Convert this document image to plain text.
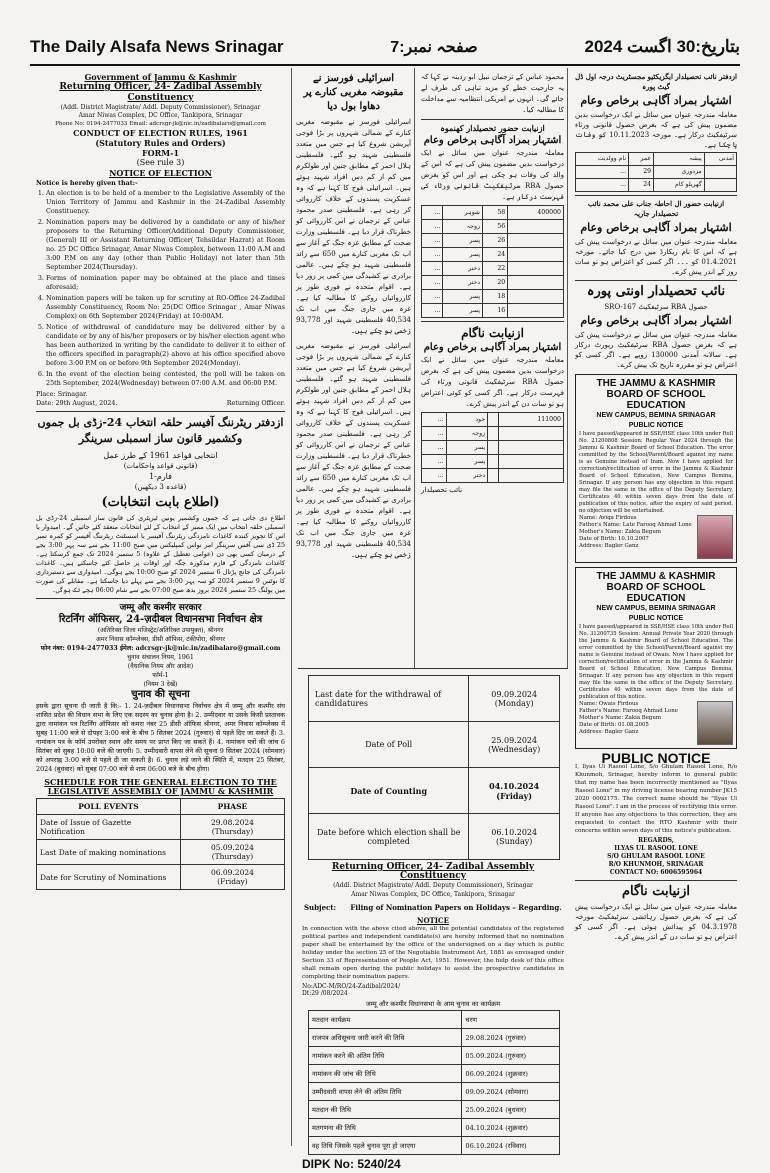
The Daily Alsafa News Srinagar	صفحہ نمبر:7	بتاریخ:30 اگست 2024
Government of Jammu & Kashmir
Returning Officer, 24- Zadibal Assembly Constituency
(Addl. District Magistrate/ Addl. Deputy Commissioner), Srinagar
Amar Niwas Complex, DC Office, Tankipora, Srinagar
Phone No: 0194-2477033 Email: adcrsgr-jk@nic.in/zadibalaro@gmail.com
CONDUCT OF ELECTION RULES, 1961
(Statutory Rules and Orders)
FORM-1
(See rule 3)
NOTICE OF ELECTION

Notice is hereby given that:-

1. An election is to be held of a member to the Legislative Assembly of the Union Territory of Jammu and Kashmir in the 24-Zadibal Assembly Constituency.
2. Nomination papers may be delivered by a candidate or any of his/her proposers to the Returning Officer(Additional Deputy Commissioner, (General) III or Assistant Returning Officer( Tehsildar Hazrat) at Room no. 25 DC Office Srinagar, Amar Niwas Complex, between 11:00 A.M and 3:00 P.M on any day (other than Public Holiday) not later than 5th September 2024(Thursday).
3. Forms of nomination paper may be obtained at the place and times aforesaid;
4. Nomination papers will be taken up for scrutiny at RO-Office 24-Zadibal Assembly Constituency, Room No: 25(DC Office Srinagar , Amar Niwas Complex) on 6th September 2024(Friday) at 10:00AM.
5. Notice of withdrawal of candidature may be delivered either by a candidate or by any of his/her proposers or by his/her election agent who has been authorized in writing by the candidate to deliver it to either of the officers specified in paragraph(2) above at his office specified above before 3:00 P.M on or before 9th September 2024(Monday).
6. In the event of the election being contested, the poll will be taken on 25th September, 2024(Wednesday) between 07:00 A.M. and 06:00 P.M.
Place: Srinagar.
Date: 29th August, 2024.	Returning Officer.
ازدفتر ریٹرننگ آفیسر حلقہ انتخاب 24-زڈی بل جموں وکشمیر قانون ساز اسمبلی سرینگر
انتخابی قواعد 1961 کے طرز عمل
(قانونی قواعد واحکامات)
فارم-1
(قاعدہ 3 دیکھیں)
(اطلاع بابت انتخابات)
اطلاع دی جاتی ہے کہ جموں وکشمیر یونین ٹیریٹری کی قانون ساز اسمبلی 24-زڈی بل اسمبلی حلقہ انتخاب میں ایک ممبر کے انتخاب کے لئے انتخابات منعقد کئے جائیں گے۔ امیدوار یا اس کا تجویز کنندہ کاغذات نامزدگی ریٹرننگ آفیسر یا اسسٹنٹ ریٹرننگ آفیسر کو کمرہ نمبر 25 ڈی سی آفس سرینگر امر نواس کمپلیکس میں صبح 11:00 بجے سے سہ پہر 3:00 بجے کے درمیان کسی بھی دن (عوامی تعطیل کے علاوہ) 5 ستمبر 2024 تک جمع کرسکتا ہے۔ کاغذات نامزدگی کے فارم مذکورہ جگہ اور اوقات پر حاصل کئے جاسکتے ہیں۔ کاغذات نامزدگی کی جانچ پڑتال 6 ستمبر 2024 کو صبح 10:00 بجے ہوگی۔ امیدواری سے دستبرداری کا نوٹس 9 ستمبر 2024 کو سہ پہر 3:00 بجے سے پہلے دیا جاسکتا ہے۔ مقابلے کی صورت میں پولنگ 25 ستمبر 2024 بروز بدھ صبح 07:00 بجے سے شام 06:00 بجے تک ہوگی۔
जम्मू और कश्मीर सरकार
रिटर्निंग ऑफिसर, 24-ज़दीबल विधानसभा निर्वाचन क्षेत्र
(अतिरिक्त जिला मजिस्ट्रेट/अतिरिक्त उपायुक्त), श्रीनगर
अमर निवास कॉम्प्लेक्स, डीसी ऑफिस, टंकीपोरा, श्रीनगर
फोन नंबर: 0194-2477033 ईमेल: adcrsgr-jk@nic.in/zadibalaro@gmail.com
चुनाव संचालन नियम, 1961
(वैधानिक नियम और आदेश)
फॉर्म-1
(नियम 3 देखें)
चुनाव की सूचना

इसके द्वारा सूचना दी जाती है कि:- 1. 24-ज़दीबल विधानसभा निर्वाचन क्षेत्र में जम्मू और कश्मीर संघ शासित प्रदेश की विधान सभा के लिए एक सदस्य का चुनाव होना है। 2. उम्मीदवार या उसके किसी प्रस्तावक द्वारा नामांकन पत्र रिटर्निंग ऑफिसर को कमरा नंबर 25 डीसी ऑफिस श्रीनगर, अमर निवास कॉम्प्लेक्स में सुबह 11:00 बजे से दोपहर 3:00 बजे के बीच 5 सितंबर 2024 (गुरुवार) से पहले दिए जा सकते हैं। 3. नामांकन पत्र के फॉर्म उपरोक्त स्थान और समय पर प्राप्त किए जा सकते हैं। 4. नामांकन पत्रों की जांच 6 सितंबर को सुबह 10:00 बजे की जाएगी। 5. उम्मीदवारी वापस लेने की सूचना 9 सितंबर 2024 (सोमवार) को अपराह्न 3:00 बजे से पहले दी जा सकती है। 6. चुनाव लड़े जाने की स्थिति में, मतदान 25 सितंबर, 2024 (बुधवार) को सुबह 07:00 बजे से शाम 06:00 बजे के बीच होगा।

SCHEDULE FOR THE GENERAL ELECTION TO THE LEGISLATIVE ASSEMBLY OF JAMMU & KASHMIR
POLL EVENTS	PHASE
Date of Issue of Gazette Notification	29.08.2024
(Thursday)

Last Date of making nominations	05.09.2024
(Thursday)

Date for Scrutiny of Nominations	06.09.2024
(Friday)
اسرائیلی فورسز نے مقبوضہ مغربی کنارے پر دھاوا بول دیا
اسرائیلی فورسز نے مقبوضہ مغربی کنارے کے شمالی شہروں پر بڑا فوجی آپریشن شروع کیا ہے جس میں متعدد فلسطینی شہید ہو گئے۔ فلسطینی ہلال احمر کے مطابق جنین اور طولکرم میں کم از کم دس افراد شہید ہوئے ہیں۔ اسرائیلی فوج کا کہنا ہے کہ وہ عسکریت پسندوں کے خلاف کارروائی کر رہی ہے۔ فلسطینی صدر محمود عباس کے ترجمان نے اس کارروائی کو خطرناک قرار دیا ہے۔ فلسطینی وزارت صحت کے مطابق غزہ جنگ کے آغاز سے اب تک مغربی کنارے میں 650 سے زائد فلسطینی شہید ہو چکے ہیں۔ عالمی برادری نے کشیدگی میں کمی پر زور دیا ہے۔ اقوام متحدہ نے فوری طور پر کارروائیاں روکنے کا مطالبہ کیا ہے۔ غزہ میں جاری جنگ میں اب تک 40,534 فلسطینی شہید اور 93,778 زخمی ہو چکے ہیں۔
اسرائیلی فورسز نے مقبوضہ مغربی کنارے کے شمالی شہروں پر بڑا فوجی آپریشن شروع کیا ہے جس میں متعدد فلسطینی شہید ہو گئے۔ فلسطینی ہلال احمر کے مطابق جنین اور طولکرم میں کم از کم دس افراد شہید ہوئے ہیں۔ اسرائیلی فوج کا کہنا ہے کہ وہ عسکریت پسندوں کے خلاف کارروائی کر رہی ہے۔ فلسطینی صدر محمود عباس کے ترجمان نے اس کارروائی کو خطرناک قرار دیا ہے۔ فلسطینی وزارت صحت کے مطابق غزہ جنگ کے آغاز سے اب تک مغربی کنارے میں 650 سے زائد فلسطینی شہید ہو چکے ہیں۔ عالمی برادری نے کشیدگی میں کمی پر زور دیا ہے۔ اقوام متحدہ نے فوری طور پر کارروائیاں روکنے کا مطالبہ کیا ہے۔ غزہ میں جاری جنگ میں اب تک 40,534 فلسطینی شہید اور 93,778 زخمی ہو چکے ہیں۔
محمود عباس کے ترجمان نبیل ابو ردینہ نے کہا کہ یہ جارحیت خطے کو مزید تباہی کی طرف لے جائے گی۔ انہوں نے امریکی انتظامیہ سے مداخلت کا مطالبہ کیا۔
ازنیابت حضور تحصیلدار کھنموہ
اشتہار بمراد آگاہی برخاص وعام
معاملہ مندرجہ عنوان میں سائل نے ایک درخواست بدیں مضمون پیش کی ہے کہ اس کے والد کی وفات ہو چکی ہے اور اس کو بغرض حصول RBA سرٹیفکیٹ قانونی ورثاء کی فہرست درکار ہے۔
400000	58	شوہر	...
	56	زوجہ	...
	26	پسر	...
	24	پسر	...
	22	دختر	...
	20	دختر	...
	18	پسر	...
	16	پسر	...
ازنیابت ناگام
اشتہار بمراد آگاہی برخاص وعام
معاملہ مندرجہ عنوان میں سائل نے ایک درخواست بدیں مضمون پیش کی ہے کہ بغرض حصول RBA سرٹیفکیٹ قانونی ورثاء کی فہرست درکار ہے۔ اگر کسی کو کوئی اعتراض ہو تو سات دن کے اندر پیش کرے۔
111000		خود	...
		زوجہ	...
		پسر	...
		پسر	...
		دختر	...
نائب تحصیلدار
Last date for the withdrawal of candidatures	09.09.2024
(Monday)

Date of Poll	25.09.2024
(Wednesday)

Date of Counting	04.10.2024 (Friday)

Date before which election shall be completed	06.10.2024 (Sunday)
Returning Officer, 24- Zadibal Assembly Constituency
(Addl. District Magistrate/ Addl. Deputy Commissioner), Srinagar
Amar Niwas Complex, DC Office, Tankipora, Srinagar
Subject: Filing of Nomination Papers on Holidays – Regarding.
NOTICE
In connection with the above cited above, all the potential candidates of the registered political parties and independent candidate(s) are hereby informed that no nomination paper shall be entertained by the office of the undersigned on a day which is public holiday under the section 25 of the Negotiable Instrument Act, 1881 as envisaged under Section 33 of Representation of People Act, 1951. However, the help desk of this office shall remain open during the public holidays to assist the prospective candidates in completing their nomination papers.
No:ADC-M/RO/24-Zadibal/2024/
Dt:29 /08/2024
जम्मू और कश्मीर विधानसभा के आम चुनाव का कार्यक्रम
मतदान कार्यक्रम	चरण
राजपत्र अधिसूचना जारी करने की तिथि	29.08.2024 (गुरुवार)
नामांकन करने की अंतिम तिथि	05.09.2024 (गुरुवार)
नामांकन की जांच की तिथि	06.09.2024 (शुक्रवार)
उम्मीदवारी वापस लेने की अंतिम तिथि	09.09.2024 (सोमवार)
मतदान की तिथि	25.09.2024 (बुधवार)
मतगणना की तिथि	04.10.2024 (शुक्रवार)
वह तिथि जिसके पहले चुनाव पूरा हो जाएगा	06.10.2024 (रविवार)
DIPK No: 5240/24
ازدفتر نائب تحصیلدار ایگزیکٹیو مجسٹریٹ درجہ اول ڈل گیٹ پورہ
اشتہار بمراد آگاہی برخاص وعام
معاملہ مندرجہ عنوان میں سائل نے ایک درخواست بدیں مضمون پیش کی ہے کہ بغرض حصول قانونی ورثاء سرٹیفکیٹ درکار ہے۔ مورخہ 10.11.2023 کو وفات پا چکا ہے۔
آمدنی	پیشہ	عمر	نام وولدیت
	مزدوری	29	...
	گھریلو کام	24	...
ازنیابت حضور ال احاطہ جناب علی محمد نائب تحصیلدار جاریہ
اشتہار بمراد آگاہی برخاص وعام
معاملہ مندرجہ عنوان میں سائل نے درخواست پیش کی ہے کہ اس کا نام ریکارڈ میں درج کیا جائے۔ مورخہ 01.4.2021 کو ۔۔۔ اگر کسی کو اعتراض ہو تو سات روز کے اندر پیش کرے۔
نائب تحصیلدار اونتی پورہ
حصول RBA سرٹیفکیٹ SRO-167
اشتہار بمراد آگاہی برخاص وعام
معاملہ مندرجہ عنوان میں سائل نے درخواست پیش کی ہے کہ بغرض حصول RBA سرٹیفکیٹ رپورٹ درکار ہے۔ سالانہ آمدنی 130000 روپے ہے۔ اگر کسی کو اعتراض ہو تو مقررہ تاریخ تک پیش کرے۔
THE JAMMU & KASHMIR BOARD OF SCHOOL EDUCATION
NEW CAMPUS, BEMINA SRINAGAR
PUBLIC NOTICE
I have passed/appeared in SSE/HSE class 10th under Roll No. 21200808 Session: Regular Year 2024 through the Jammu & Kashmir Board of School Education. The error committed by the School/Parent/Board against my name is as Genuine instead of Iram. Now I have applied for correction/rectification of error in the Jammu & Kashmir Board of School Education, New Campus Bemina, Srinagar. If any person has any objection in this regard may file the same in the office of the Deputy Secretary, Certificates 40 within seven days from the date of publication of this notice, after the expiry of said period, no objection will be entertained.
Name: Aviqa Firdous
Father's Name: Late Farooq Ahmad Lone
Mother's Name: Zakia Begum
Date of Birth: 10.10.2007
Address: Bagler Ganz
THE JAMMU & KASHMIR BOARD OF SCHOOL EDUCATION
NEW CAMPUS, BEMINA SRINAGAR
PUBLIC NOTICE
I have passed/appeared in SSE/HSE class 10th under Roll No. 31200735 Session: Annual Private Year 2020 through the Jammu & Kashmir Board of School Education. The error committed by the School/Parent/Board against my name is Genuine instead of Owais. Now I have applied for correction/rectification of error in the Jammu & Kashmir Board of School Education, New Campus Bemina, Srinagar. If any person has any objection in this regard may file the same in the office of the Deputy Secretary, Certificates 40 within seven days from the date of publication of this notice.
Name: Owais Firdous
Father's Name: Farooq Ahmad Lone
Mother's Name: Zakia Begum
Date of Birth: 01.08.2005
Address: Bagler Ganz
PUBLIC NOTICE
I, Ilyas Ul Rasool Lone, S/o Ghulam Rasool Lone, R/o Khunmoh, Srinagar, hereby inform to general public that my name has been incorrectly mentioned as "Ilyas Rasool Lone" in my driving license bearing number JK15 2020 0002175. The correct name should be "Ilyas Ul Rasool Lone". I am in the process of rectifying this error. If anyone has any objections to this correction, they are requested to contact the RTO Kashmir with their concerns within seven days of this notice's publication.
REGARDS,
ILYAS UL RASOOL LONE
S/O GHULAM RASOOL LONE
R/O KHUNMOH, SRINAGAR
CONTACT NO: 6006595964
ازنیابت ناگام
معاملہ مندرجہ عنوان میں سائل نے ایک درخواست پیش کی ہے کہ بغرض حصول رہائشی سرٹیفکیٹ مورخہ 04.3.1978 کو پیدائش ہوئی ہے۔ اگر کسی کو اعتراض ہو تو سات دن کے اندر پیش کرے۔
